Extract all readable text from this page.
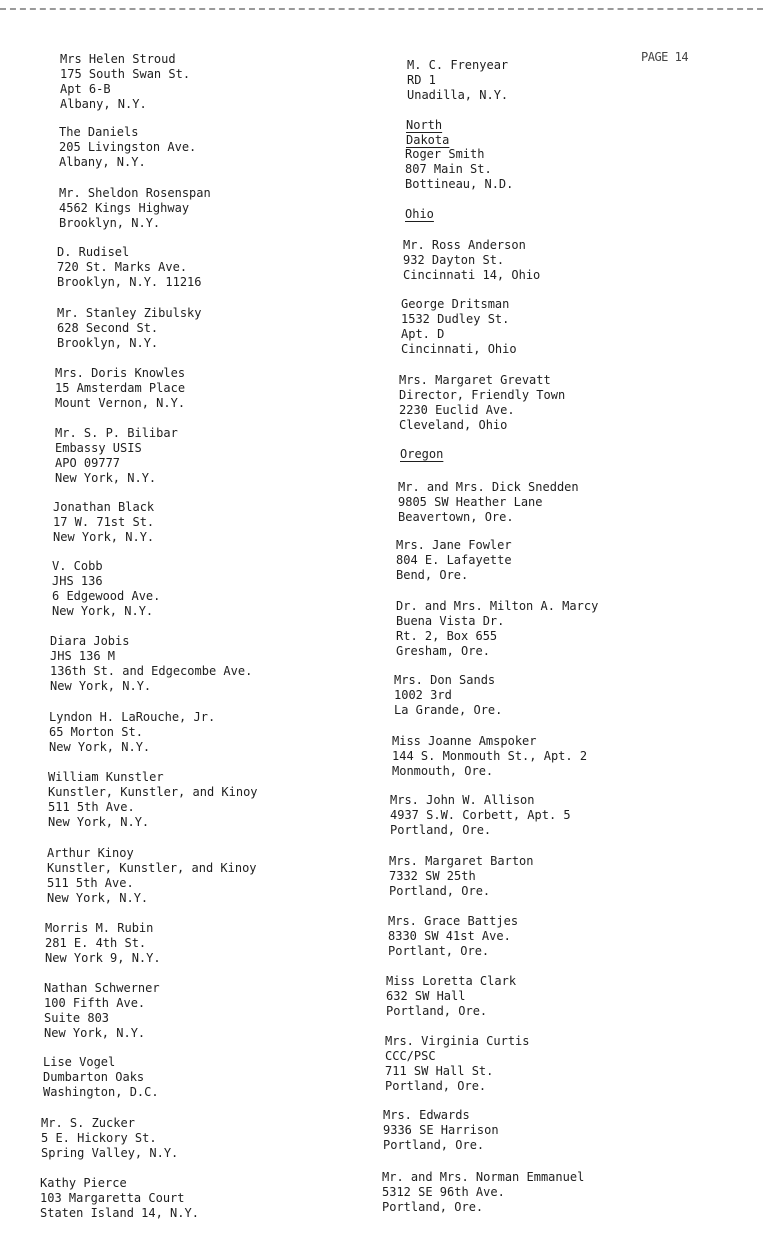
PAGE 14
Mrs Helen Stroud
175 South Swan St.
Apt 6-B
Albany, N.Y.
The Daniels
205 Livingston Ave.
Albany, N.Y.
Mr. Sheldon Rosenspan
4562 Kings Highway
Brooklyn, N.Y.
D. Rudisel
720 St. Marks Ave.
Brooklyn, N.Y. 11216
Mr. Stanley Zibulsky
628 Second St.
Brooklyn, N.Y.
Mrs. Doris Knowles
15 Amsterdam Place
Mount Vernon, N.Y.
Mr. S. P. Bilibar
Embassy USIS
APO 09777
New York, N.Y.
Jonathan Black
17 W. 71st St.
New York, N.Y.
V. Cobb
JHS 136
6 Edgewood Ave.
New York, N.Y.
Diara Jobis
JHS 136 M
136th St. and Edgecombe Ave.
New York, N.Y.
Lyndon H. LaRouche, Jr.
65 Morton St.
New York, N.Y.
William Kunstler
Kunstler, Kunstler, and Kinoy
511 5th Ave.
New York, N.Y.
Arthur Kinoy
Kunstler, Kunstler, and Kinoy
511 5th Ave.
New York, N.Y.
Morris M. Rubin
281 E. 4th St.
New York 9, N.Y.
Nathan Schwerner
100 Fifth Ave.
Suite 803
New York, N.Y.
Lise Vogel
Dumbarton Oaks
Washington, D.C.
Mr. S. Zucker
5 E. Hickory St.
Spring Valley, N.Y.
Kathy Pierce
103 Margaretta Court
Staten Island 14, N.Y.
M. C. Frenyear
RD 1
Unadilla, N.Y.
North Dakota
Roger Smith
807 Main St.
Bottineau, N.D.
Ohio
Mr. Ross Anderson
932 Dayton St.
Cincinnati 14, Ohio
George Dritsman
1532 Dudley St.
Apt. D
Cincinnati, Ohio
Mrs. Margaret Grevatt
Director, Friendly Town
2230 Euclid Ave.
Cleveland, Ohio
Oregon
Mr. and Mrs. Dick Snedden
9805 SW Heather Lane
Beavertown, Ore.
Mrs. Jane Fowler
804 E. Lafayette
Bend, Ore.
Dr. and Mrs. Milton A. Marcy
Buena Vista Dr.
Rt. 2, Box 655
Gresham, Ore.
Mrs. Don Sands
1002 3rd
La Grande, Ore.
Miss Joanne Amspoker
144 S. Monmouth St., Apt. 2
Monmouth, Ore.
Mrs. John W. Allison
4937 S.W. Corbett, Apt. 5
Portland, Ore.
Mrs. Margaret Barton
7332 SW 25th
Portland, Ore.
Mrs. Grace Battjes
8330 SW 41st Ave.
Portlant, Ore.
Miss Loretta Clark
632 SW Hall
Portland, Ore.
Mrs. Virginia Curtis
CCC/PSC
711 SW Hall St.
Portland, Ore.
Mrs. Edwards
9336 SE Harrison
Portland, Ore.
Mr. and Mrs. Norman Emmanuel
5312 SE 96th Ave.
Portland, Ore.
